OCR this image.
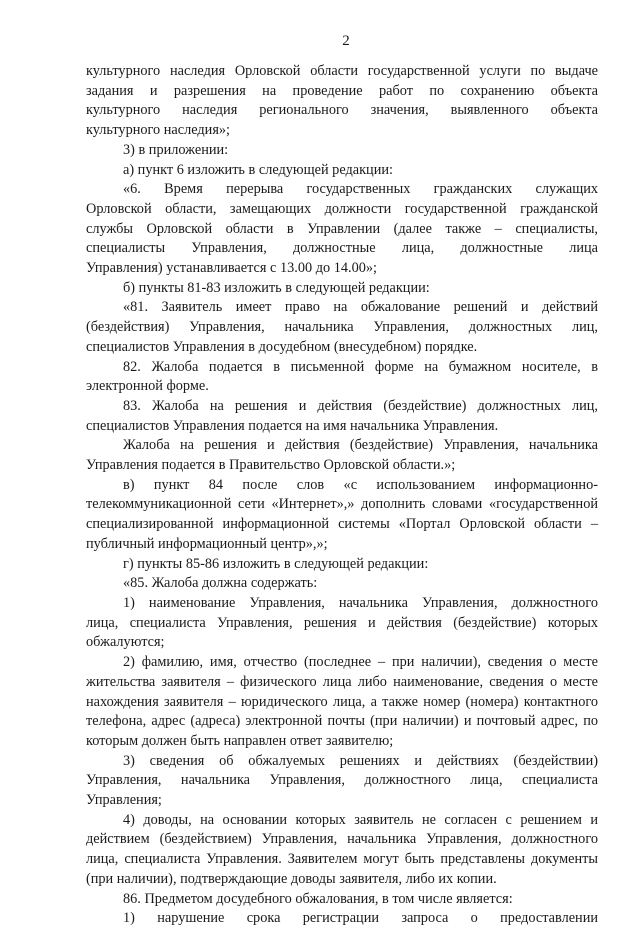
2

культурного наследия Орловской области государственной услуги по выдаче

задания и разрешения на проведение работ по сохранению объекта

культурного наследия регионального значения, выявленного объекта

культурного наследия»;

3) в приложении:

а) пункт 6 изложить в следующей редакции:

«6. Время перерыва государственных гражданских служащих

Орловской области, замещающих должности государственной гражданской

службы Орловской области в Управлении (далее также – специалисты,

специалисты Управления, должностные лица, должностные лица

Управления) устанавливается с 13.00 до 14.00»;

б) пункты 81-83 изложить в следующей редакции:

«81. Заявитель имеет право на обжалование решений и действий

(бездействия) Управления, начальника Управления, должностных лиц,

специалистов Управления в досудебном (внесудебном) порядке.

82. Жалоба подается в письменной форме на бумажном носителе, в

электронной форме.

83. Жалоба на решения и действия (бездействие) должностных лиц,

специалистов Управления подается на имя начальника Управления.

Жалоба на решения и действия (бездействие) Управления, начальника

Управления подается в Правительство Орловской области.»;

в) пункт 84 после слов «с использованием информационно-

телекоммуникационной сети «Интернет»,» дополнить словами «государственной

специализированной информационной системы «Портал Орловской области –

публичный информационный центр»,»;

г) пункты 85-86 изложить в следующей редакции:

«85. Жалоба должна содержать:

1) наименование Управления, начальника Управления, должностного

лица, специалиста Управления, решения и действия (бездействие) которых

обжалуются;

2) фамилию, имя, отчество (последнее – при наличии), сведения о месте

жительства заявителя – физического лица либо наименование, сведения о месте

нахождения заявителя – юридического лица, а также номер (номера) контактного

телефона, адрес (адреса) электронной почты (при наличии) и почтовый адрес, по

которым должен быть направлен ответ заявителю;

3) сведения об обжалуемых решениях и действиях (бездействии)

Управления, начальника Управления, должностного лица, специалиста

Управления;

4) доводы, на основании которых заявитель не согласен с решением и

действием (бездействием) Управления, начальника Управления, должностного

лица, специалиста Управления. Заявителем могут быть представлены документы

(при наличии), подтверждающие доводы заявителя, либо их копии.

86. Предметом досудебного обжалования, в том числе является:

1) нарушение срока регистрации запроса о предоставлении
